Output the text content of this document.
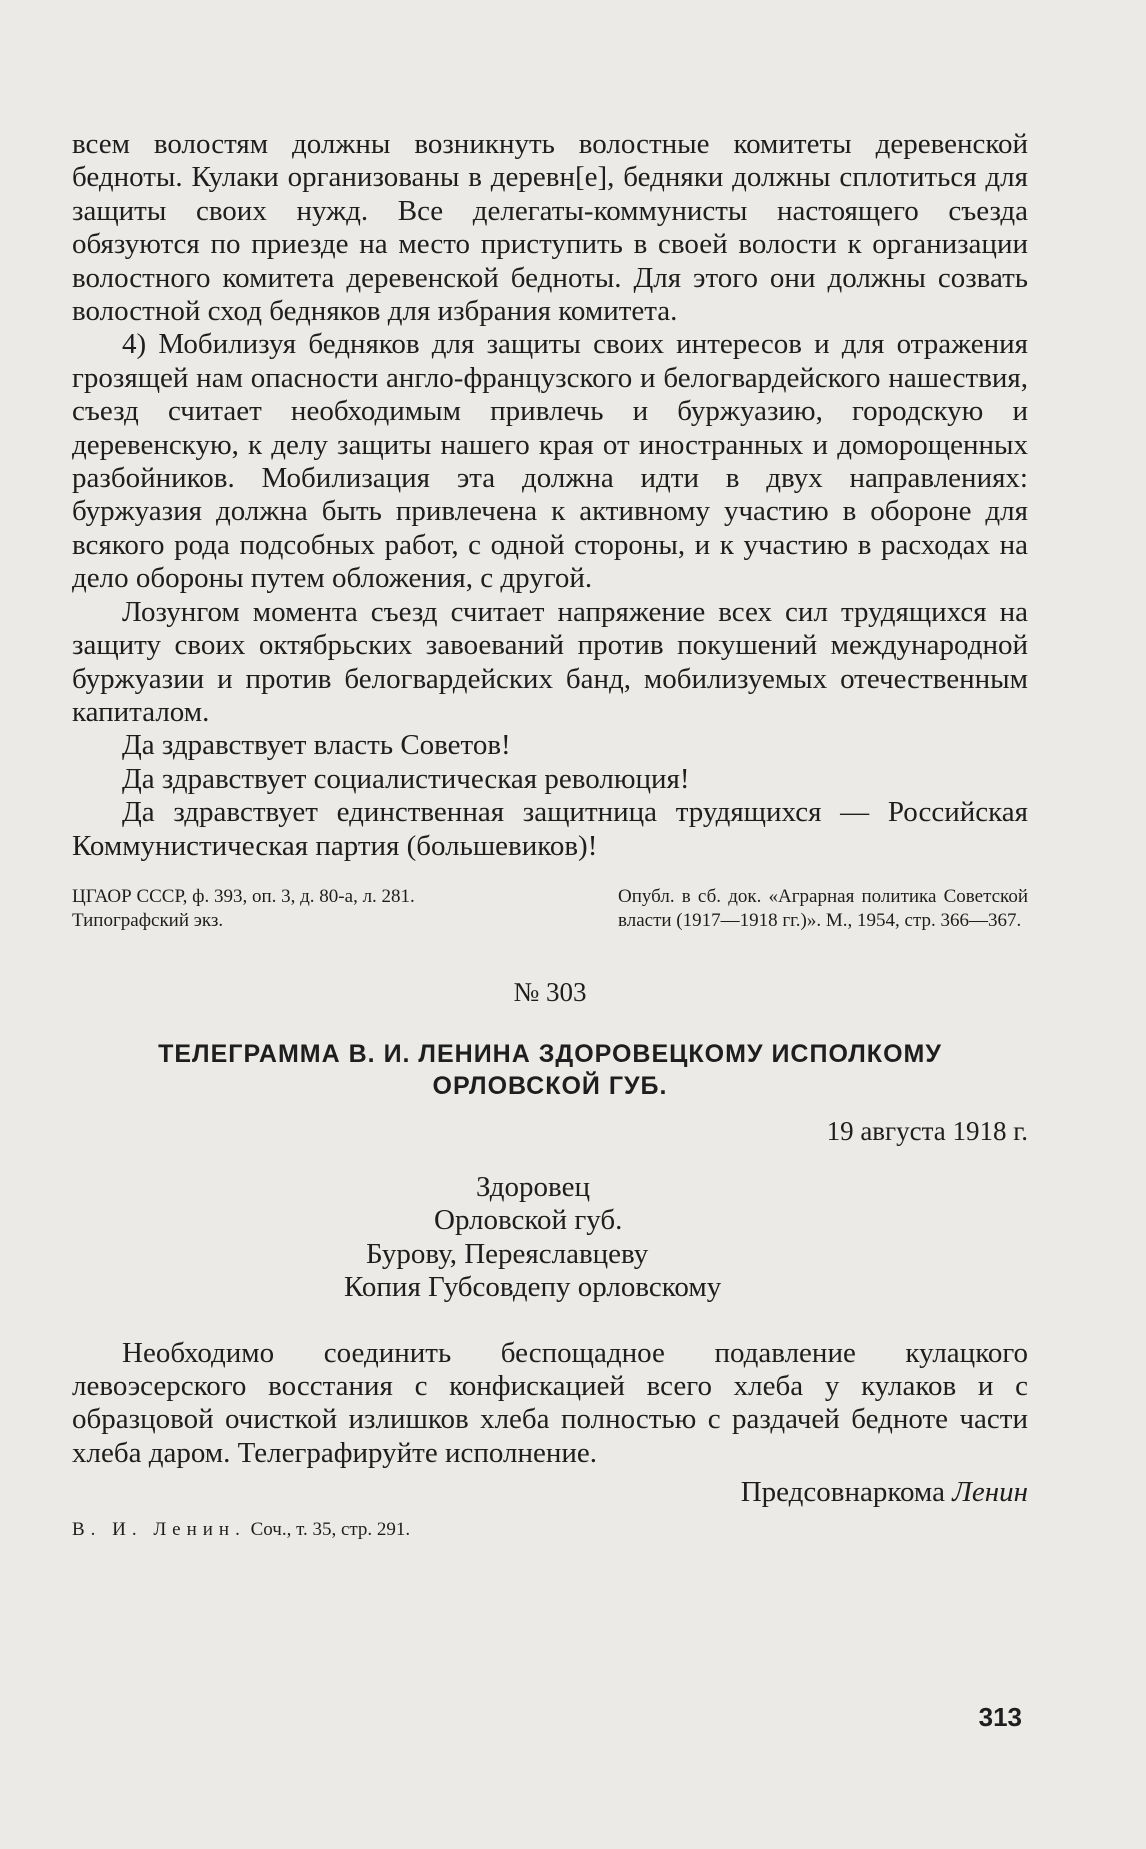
всем волостям должны возникнуть волостные комитеты деревенской бедноты. Кулаки организованы в деревн[е], бедняки должны сплотиться для защиты своих нужд. Все делегаты-коммунисты настоящего съезда обязуются по приезде на место приступить в своей волости к организации волостного комитета деревенской бедноты. Для этого они должны созвать волостной сход бедняков для избрания комитета.

4) Мобилизуя бедняков для защиты своих интересов и для отражения грозящей нам опасности англо-французского и белогвардейского нашествия, съезд считает необходимым привлечь и буржуазию, городскую и деревенскую, к делу защиты нашего края от иностранных и доморощенных разбойников. Мобилизация эта должна идти в двух направлениях: буржуазия должна быть привлечена к активному участию в обороне для всякого рода подсобных работ, с одной стороны, и к участию в расходах на дело обороны путем обложения, с другой.

Лозунгом момента съезд считает напряжение всех сил трудящихся на защиту своих октябрьских завоеваний против покушений международной буржуазии и против белогвардейских банд, мобилизуемых отечественным капиталом.

Да здравствует власть Советов!

Да здравствует социалистическая революция!

Да здравствует единственная защитница трудящихся — Российская Коммунистическая партия (большевиков)!

ЦГАОР СССР, ф. 393, оп. 3, д. 80-а, л. 281. Типографский экз.
Опубл. в сб. док. «Аграрная политика Советской власти (1917—1918 гг.)». М., 1954, стр. 366—367.
№ 303
ТЕЛЕГРАММА В. И. ЛЕНИНА ЗДОРОВЕЦКОМУ ИСПОЛКОМУ ОРЛОВСКОЙ ГУБ.
19 августа 1918 г.
Здоровец
Орловской губ.
Бурову, Переяславцеву
Копия Губсовдепу орловскому

Необходимо соединить беспощадное подавление кулацкого левоэсерского восстания с конфискацией всего хлеба у кулаков и с образцовой очисткой излишков хлеба полностью с раздачей бедноте части хлеба даром. Телеграфируйте исполнение.

Предсовнаркома Ленин
В. И. Ленин. Соч., т. 35, стр. 291.
313
